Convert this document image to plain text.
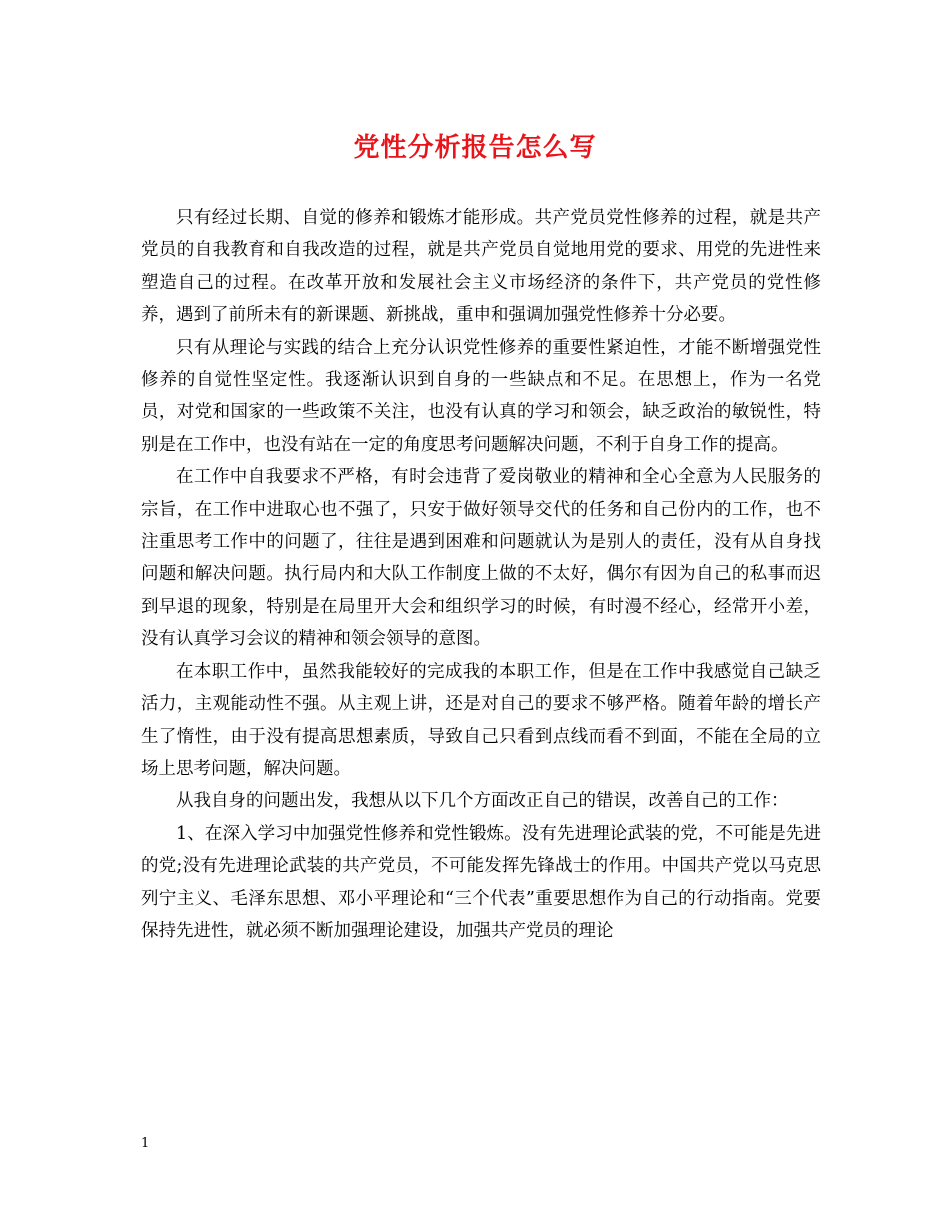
党性分析报告怎么写

只有经过长期、自觉的修养和锻炼才能形成。共产党员党性修养的过程，就是共产党员的自我教育和自我改造的过程，就是共产党员自觉地用党的要求、用党的先进性来塑造自己的过程。在改革开放和发展社会主义市场经济的条件下，共产党员的党性修养，遇到了前所未有的新课题、新挑战，重申和强调加强党性修养十分必要。

只有从理论与实践的结合上充分认识党性修养的重要性紧迫性，才能不断增强党性修养的自觉性坚定性。我逐渐认识到自身的一些缺点和不足。在思想上，作为一名党员，对党和国家的一些政策不关注，也没有认真的学习和领会，缺乏政治的敏锐性，特别是在工作中，也没有站在一定的角度思考问题解决问题，不利于自身工作的提高。

在工作中自我要求不严格，有时会违背了爱岗敬业的精神和全心全意为人民服务的宗旨，在工作中进取心也不强了，只安于做好领导交代的任务和自己份内的工作，也不注重思考工作中的问题了，往往是遇到困难和问题就认为是别人的责任，没有从自身找问题和解决问题。执行局内和大队工作制度上做的不太好，偶尔有因为自己的私事而迟到早退的现象，特别是在局里开大会和组织学习的时候，有时漫不经心，经常开小差，没有认真学习会议的精神和领会领导的意图。

在本职工作中，虽然我能较好的完成我的本职工作，但是在工作中我感觉自己缺乏活力，主观能动性不强。从主观上讲，还是对自己的要求不够严格。随着年龄的增长产生了惰性，由于没有提高思想素质，导致自己只看到点线而看不到面，不能在全局的立场上思考问题，解决问题。

从我自身的问题出发，我想从以下几个方面改正自己的错误，改善自己的工作：

1、在深入学习中加强党性修养和党性锻炼。没有先进理论武装的党，不可能是先进的党;没有先进理论武装的共产党员，不可能发挥先锋战士的作用。中国共产党以马克思列宁主义、毛泽东思想、邓小平理论和“三个代表”重要思想作为自己的行动指南。党要保持先进性，就必须不断加强理论建设，加强共产党员的理论

1
